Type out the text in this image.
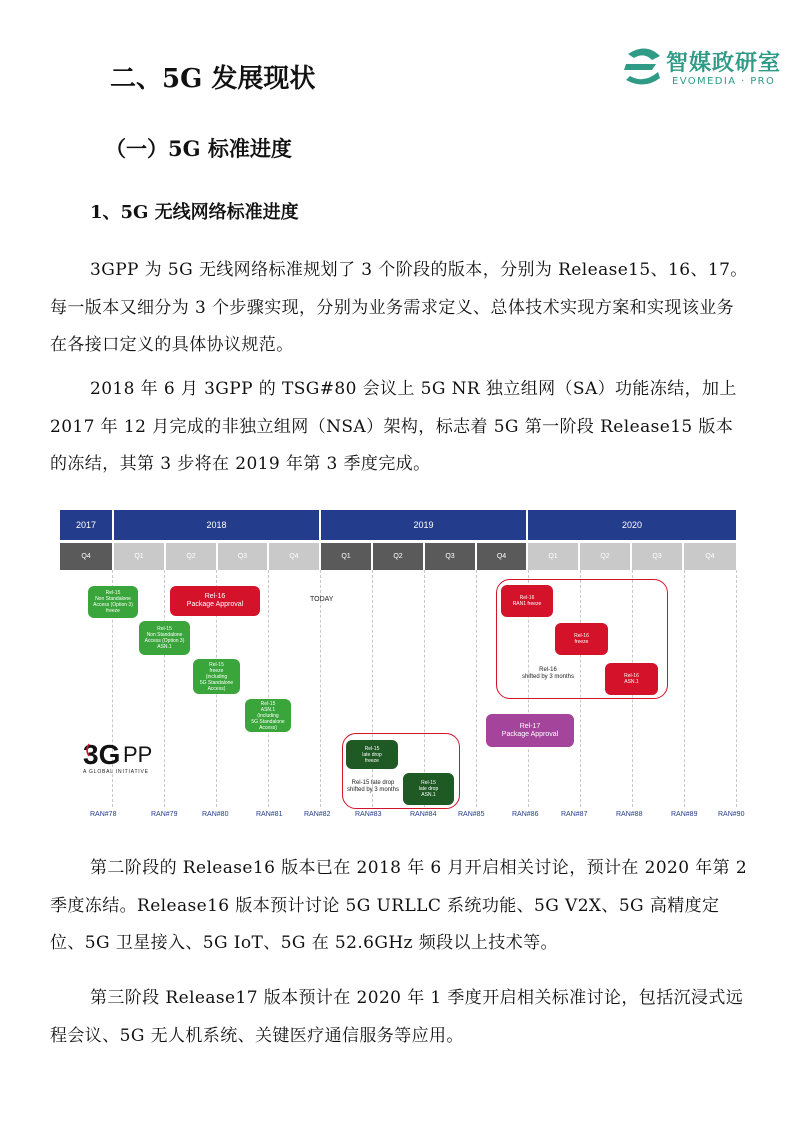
智媒政研室
EVOMEDIA · PRO
二、5G 发展现状
（一）5G 标准进度
1、5G 无线网络标准进度
3GPP 为 5G 无线网络标准规划了 3 个阶段的版本，分别为 Release15、16、17。每一版本又细分为 3 个步骤实现，分别为业务需求定义、总体技术实现方案和实现该业务在各接口定义的具体协议规范。
2018 年 6 月 3GPP 的 TSG#80 会议上 5G NR 独立组网（SA）功能冻结，加上 2017 年 12 月完成的非独立组网（NSA）架构，标志着 5G 第一阶段 Release15 版本的冻结，其第 3 步将在 2019 年第 3 季度完成。
2017	2018	2019	2020
Q4	Q1	Q2	Q3	Q4	Q1	Q2	Q3	Q4	Q1	Q2	Q3	Q4
TODAY
Rel-15
Non Standalone
Access (Option 3)
freeze
Rel-15
Non Standalone
Access (Option 3)
ASN.1
Rel-15
freeze
(including
5G Standalone
Access)
Rel-15
ASN.1
(including
5G Standalone
Access)
Rel-16
Package Approval
Rel-16
RAN1 freeze
Rel-16
freeze
Rel-16
ASN.1
Rel-16
shifted by 3 months
Rel-17
Package Approval
Rel-15
late drop
freeze
Rel-15
late drop
ASN.1
Rel-15 late drop
shifted by 3 months
3G PP
A GLOBAL INITIATIVE
RAN#78	RAN#79	RAN#80	RAN#81	RAN#82	RAN#83	RAN#84	RAN#85	RAN#86	RAN#87	RAN#88	RAN#89	RAN#90
第二阶段的 Release16 版本已在 2018 年 6 月开启相关讨论，预计在 2020 年第 2 季度冻结。Release16 版本预计讨论 5G URLLC 系统功能、5G V2X、5G 高精度定位、5G 卫星接入、5G IoT、5G 在 52.6GHz 频段以上技术等。
第三阶段 Release17 版本预计在 2020 年 1 季度开启相关标准讨论，包括沉浸式远程会议、5G 无人机系统、关键医疗通信服务等应用。
